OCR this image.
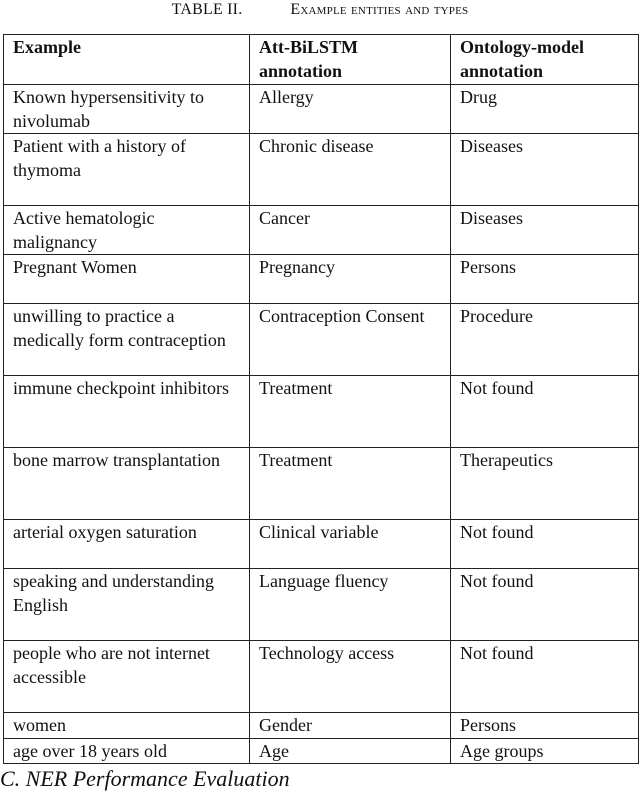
TABLE II.	Example entities and types
Example	Att-BiLSTM annotation	Ontology-model annotation
Known hypersensitivity to nivolumab	Allergy	Drug
Patient with a history of thymoma	Chronic disease	Diseases
Active hematologic malignancy	Cancer	Diseases
Pregnant Women	Pregnancy	Persons
unwilling to practice a medically form contraception	Contraception Consent	Procedure
immune checkpoint inhibitors	Treatment	Not found
bone marrow transplantation	Treatment	Therapeutics
arterial oxygen saturation	Clinical variable	Not found
speaking and understanding English	Language fluency	Not found
people who are not internet accessible	Technology access	Not found
women	Gender	Persons
age over 18 years old	Age	Age groups
C. NER Performance Evaluation
